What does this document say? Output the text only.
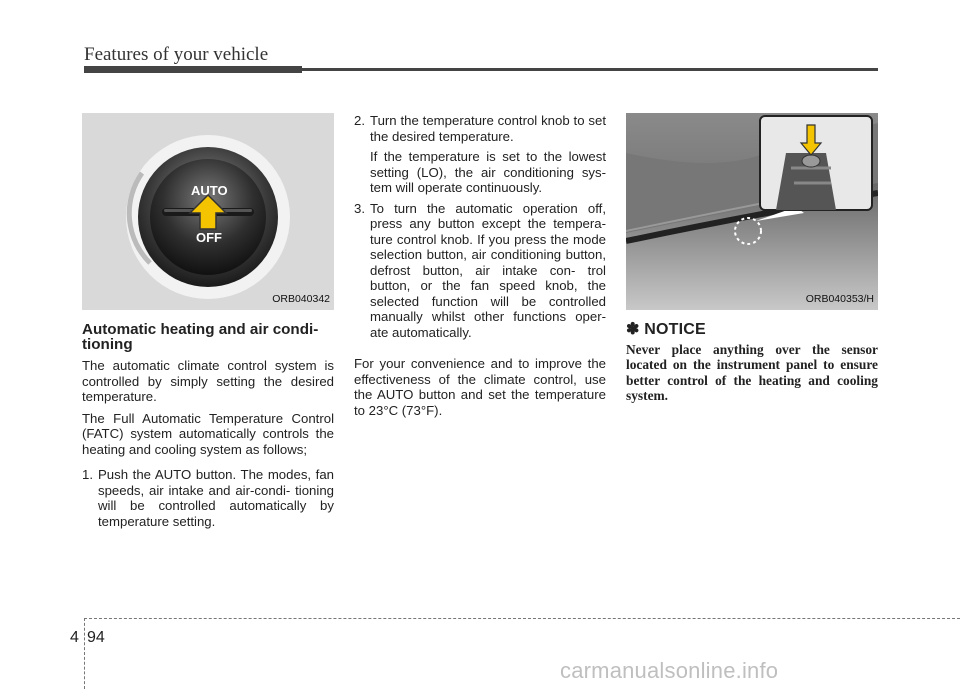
Features of your vehicle
AUTO
OFF
ORB040342
Automatic heating and air condi- tioning

The automatic climate control system is controlled by simply setting the desired temperature.

The Full Automatic Temperature Control (FATC) system automatically controls the heating and cooling system as follows;

1. Push the AUTO button. The modes, fan speeds, air intake and air-condi- tioning will be controlled automatically by temperature setting.
2. Turn the temperature control knob to set the desired temperature.
If the temperature is set to the lowest setting (LO), the air conditioning sys- tem will operate continuously.
3. To turn the automatic operation off, press any button except the tempera- ture control knob. If you press the mode selection button, air conditioning button, defrost button, air intake con- trol button, or the fan speed knob, the selected function will be controlled manually whilst other functions oper- ate automatically.

For your convenience and to improve the effectiveness of the climate control, use the AUTO button and set the temperature to 23°C (73°F).

ORB040353/H
✽ NOTICE
Never place anything over the sensor located on the instrument panel to ensure better control of the heating and cooling system.
4 94
carmanualsonline.info
